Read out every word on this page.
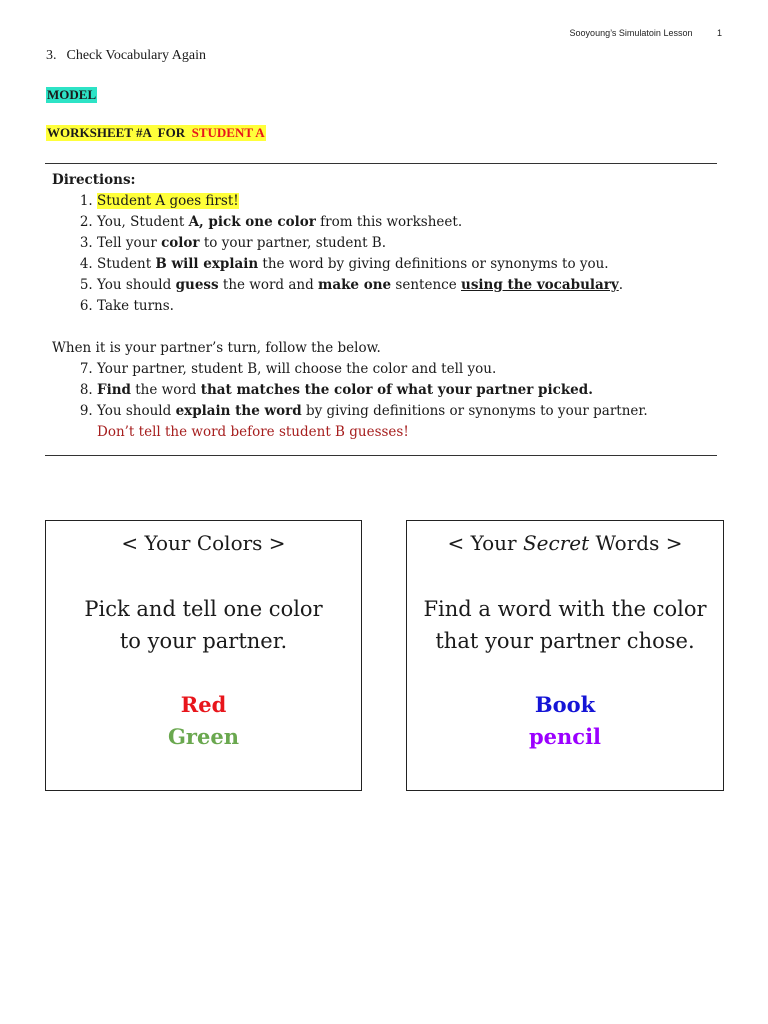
Sooyoung’s Simulatoin Lesson	1
3. Check Vocabulary Again
MODEL
WORKSHEET #A  FOR  STUDENT A
Directions:
1. Student A goes first!
2. You, Student A, pick one color from this worksheet.
3. Tell your color to your partner, student B.
4. Student B will explain the word by giving definitions or synonyms to you.
5. You should guess the word and make one sentence using the vocabulary.
6. Take turns.
When it is your partner’s turn, follow the below.
7. Your partner, student B, will choose the color and tell you.
8. Find the word that matches the color of what your partner picked.
9. You should explain the word by giving definitions or synonyms to your partner.
Don’t tell the word before student B guesses!
< Your Colors >
Pick and tell one color
to your partner.
Red
Green
< Your Secret Words >
Find a word with the color
that your partner chose.
Book
pencil
